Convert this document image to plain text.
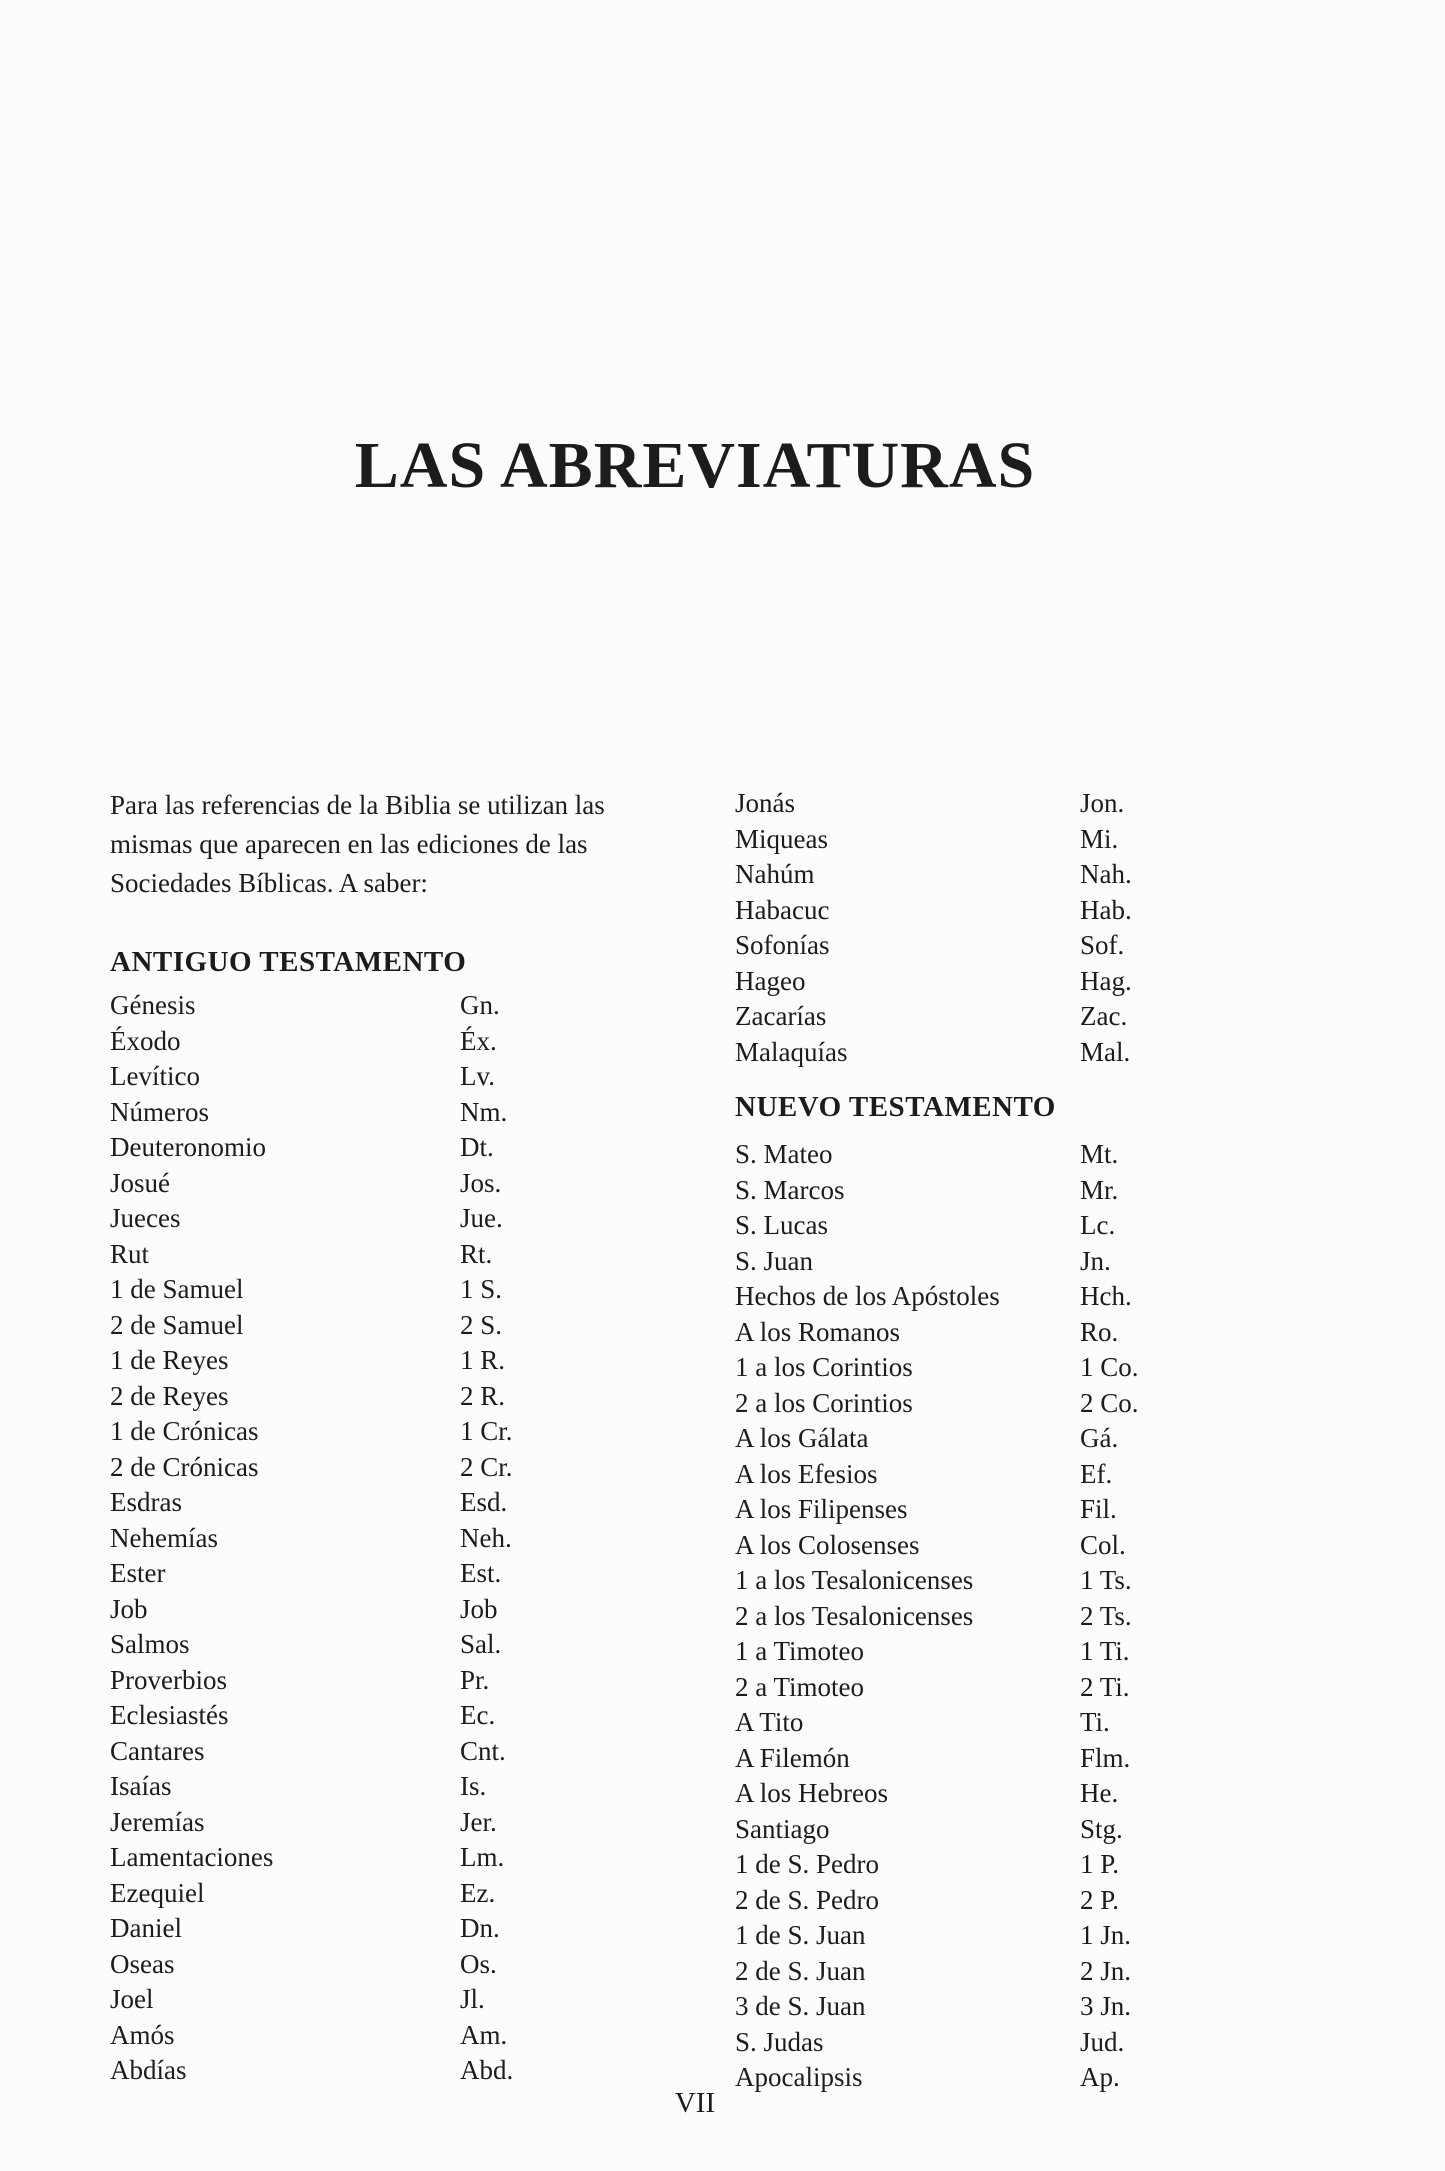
LAS ABREVIATURAS

Para las referencias de la Biblia se utilizan las
mismas que aparecen en las ediciones de las
Sociedades Bíblicas. A saber:

ANTIGUO TESTAMENTO
Génesis	Gn.
Éxodo	Éx.
Levítico	Lv.
Números	Nm.
Deuteronomio	Dt.
Josué	Jos.
Jueces	Jue.
Rut	Rt.
1 de Samuel	1 S.
2 de Samuel	2 S.
1 de Reyes	1 R.
2 de Reyes	2 R.
1 de Crónicas	1 Cr.
2 de Crónicas	2 Cr.
Esdras	Esd.
Nehemías	Neh.
Ester	Est.
Job	Job
Salmos	Sal.
Proverbios	Pr.
Eclesiastés	Ec.
Cantares	Cnt.
Isaías	Is.
Jeremías	Jer.
Lamentaciones	Lm.
Ezequiel	Ez.
Daniel	Dn.
Oseas	Os.
Joel	Jl.
Amós	Am.
Abdías	Abd.
Jonás	Jon.
Miqueas	Mi.
Nahúm	Nah.
Habacuc	Hab.
Sofonías	Sof.
Hageo	Hag.
Zacarías	Zac.
Malaquías	Mal.
NUEVO TESTAMENTO
S. Mateo	Mt.
S. Marcos	Mr.
S. Lucas	Lc.
S. Juan	Jn.
Hechos de los Apóstoles	Hch.
A los Romanos	Ro.
1 a los Corintios	1 Co.
2 a los Corintios	2 Co.
A los Gálata	Gá.
A los Efesios	Ef.
A los Filipenses	Fil.
A los Colosenses	Col.
1 a los Tesalonicenses	1 Ts.
2 a los Tesalonicenses	2 Ts.
1 a Timoteo	1 Ti.
2 a Timoteo	2 Ti.
A Tito	Ti.
A Filemón	Flm.
A los Hebreos	He.
Santiago	Stg.
1 de S. Pedro	1 P.
2 de S. Pedro	2 P.
1 de S. Juan	1 Jn.
2 de S. Juan	2 Jn.
3 de S. Juan	3 Jn.
S. Judas	Jud.
Apocalipsis	Ap.
VII
